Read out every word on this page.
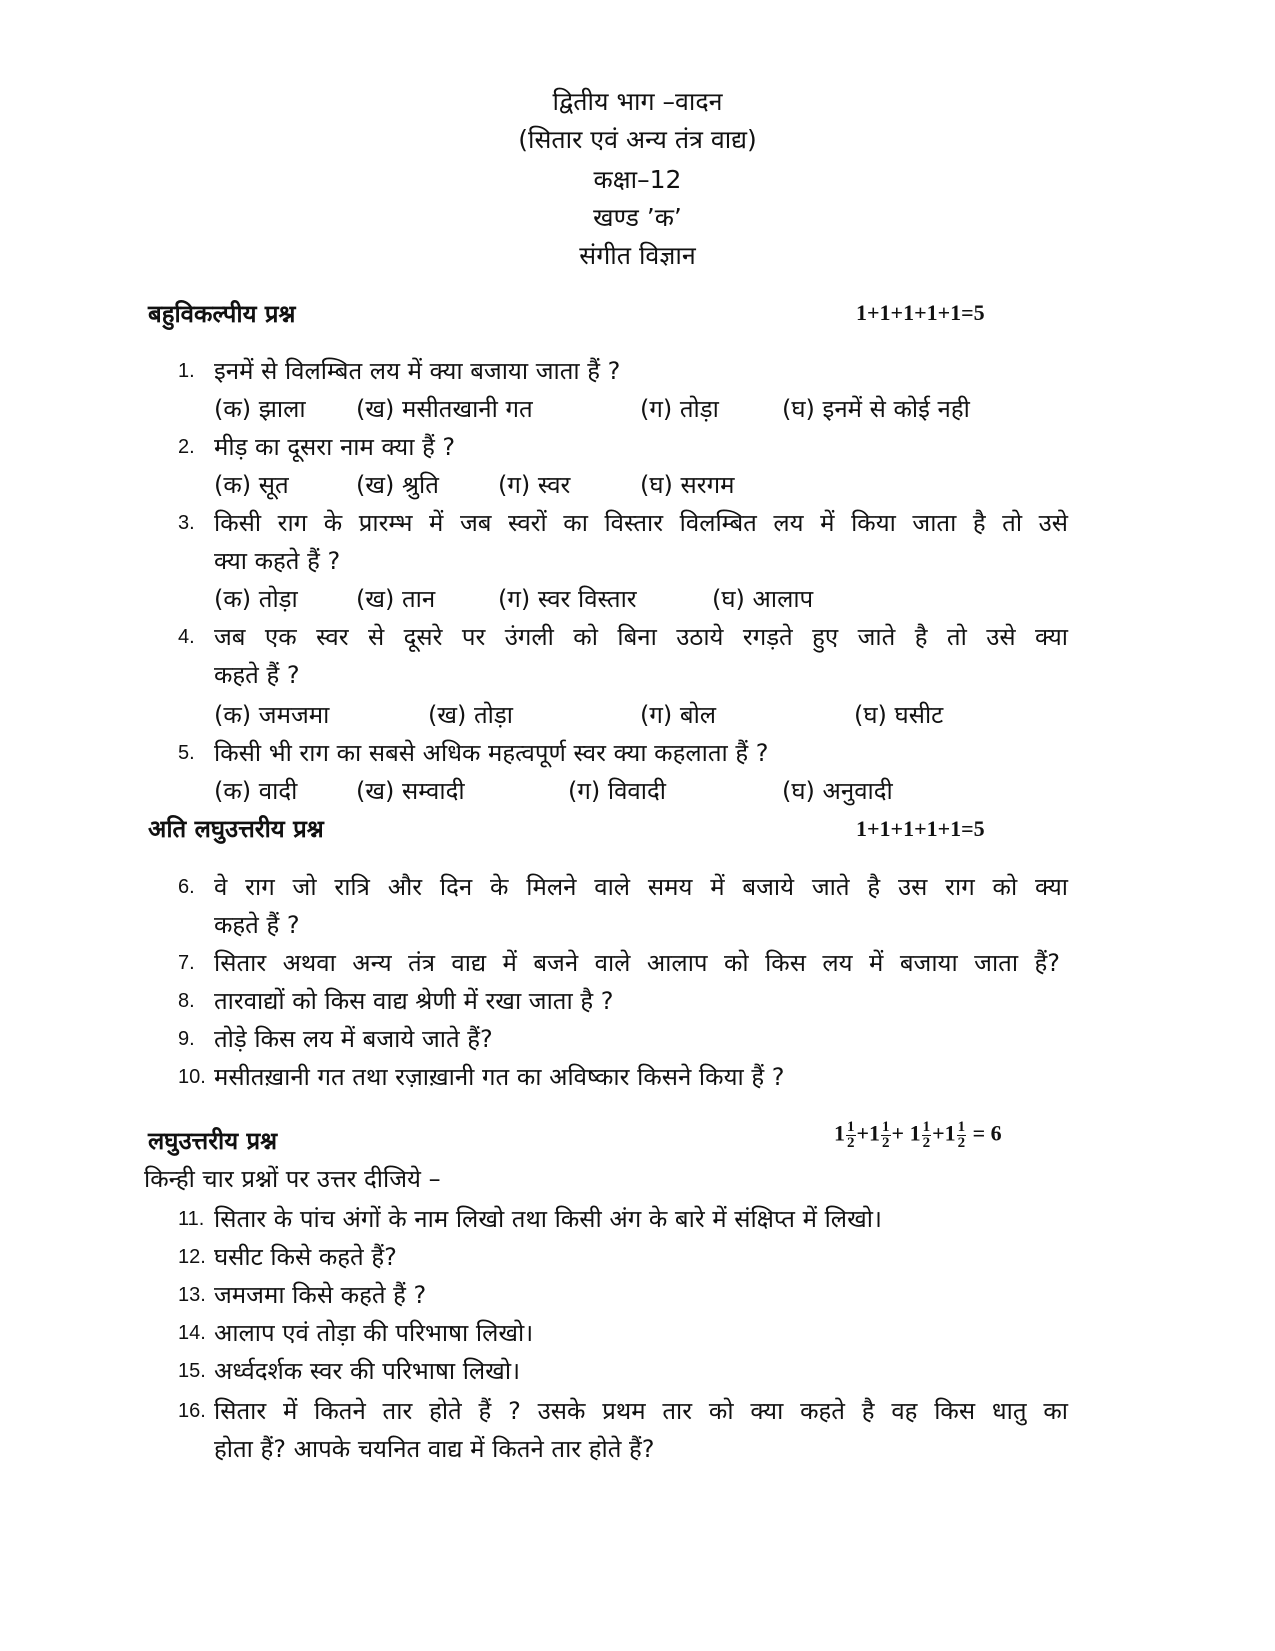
द्वितीय भाग –वादन
(सितार एवं अन्य तंत्र वाद्य)
कक्षा–12
खण्ड ’क’
संगीत विज्ञान
बहुविकल्पीय प्रश्न	1+1+1+1+1=5
1. इनमें से विलम्बित लय में क्या बजाया जाता हैं ?
(क) झाला (ख) मसीतखानी गत	(ग) तोड़ा	(घ) इनमें से कोई नही
2. मीड़ का दूसरा नाम क्या हैं ?
(क) सूत	(ख) श्रुति (ग) स्वर	(घ) सरगम
3. किसी राग के प्रारम्भ में जब स्वरों का विस्तार विलम्बित लय में किया जाता है तो उसे
क्या कहते हैं ?
(क) तोड़ा (ख) तान	(ग) स्वर विस्तार	(घ) आलाप
4. जब एक स्वर से दूसरे पर उंगली को बिना उठाये रगड़ते हुए जाते है तो उसे क्या
कहते हैं ?
(क) जमजमा	(ख) तोड़ा	(ग) बोल	(घ) घसीट
5. किसी भी राग का सबसे अधिक महत्वपूर्ण स्वर क्या कहलाता हैं ?
(क) वादी (ख) सम्वादी	(ग) विवादी	(घ) अनुवादी
अति लघुउत्तरीय प्रश्न	1+1+1+1+1=5
6. वे राग जो रात्रि और दिन के मिलने वाले समय में बजाये जाते है उस राग को क्या
कहते हैं ?
7. सितार अथवा अन्य तंत्र वाद्य में बजने वाले आलाप को किस लय में बजाया जाता हैं?
8. तारवाद्यों को किस वाद्य श्रेणी में रखा जाता है ?
9. तोड़े किस लय में बजाये जाते हैं?
10. मसीतख़ानी गत तथा रज़ाख़ानी गत का अविष्कार किसने किया हैं ?
लघुउत्तरीय प्रश्न	$1 \frac{1}{2} +1 \frac{1}{2} + 1 \frac{1}{2} +1 \frac{1}{2} = 6$
किन्ही चार प्रश्नों पर उत्तर दीजिये –
11. सितार के पांच अंगों के नाम लिखो तथा किसी अंग के बारे में संक्षिप्त में लिखो।
12. घसीट किसे कहते हैं?
13. जमजमा किसे कहते हैं ?
14. आलाप एवं तोड़ा की परिभाषा लिखो।
15. अर्ध्वदर्शक स्वर की परिभाषा लिखो।
16. सितार में कितने तार होते हैं ? उसके प्रथम तार को क्या कहते है वह किस धातु का
होता हैं? आपके चयनित वाद्य में कितने तार होते हैं?
